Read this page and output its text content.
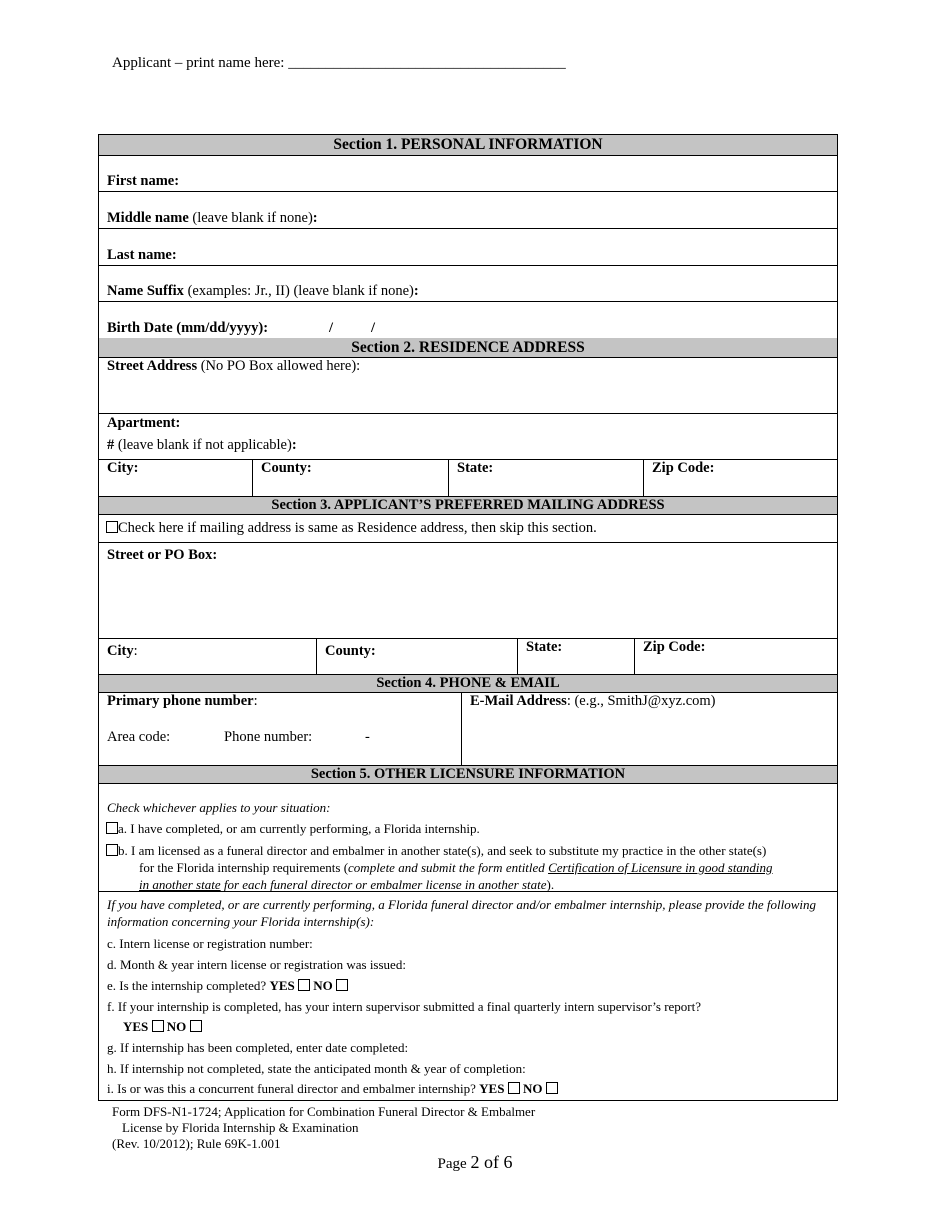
Applicant – print name here: _____________________________________
Section 1. PERSONAL INFORMATION
First name:
Middle name (leave blank if none):
Last name:
Name Suffix (examples: Jr., II) (leave blank if none):
Birth Date (mm/dd/yyyy):	/	/
Section 2. RESIDENCE ADDRESS
Street Address (No PO Box allowed here):
Apartment:
# (leave blank if not applicable):
City:	County:	State:	Zip Code:
Section 3. APPLICANT’S PREFERRED MAILING ADDRESS
Check here if mailing address is same as Residence address, then skip this section.
Street or PO Box:
City:	County:	State:	Zip Code:
Section 4. PHONE & EMAIL
Primary phone number:
Area code:	Phone number:	-
E-Mail Address: (e.g., SmithJ@xyz.com)
Section 5. OTHER LICENSURE INFORMATION
Check whichever applies to your situation:
a. I have completed, or am currently performing, a Florida internship.
b. I am licensed as a funeral director and embalmer in another state(s), and seek to substitute my practice in the other state(s)
for the Florida internship requirements (complete and submit the form entitled Certification of Licensure in good standing
in another state for each funeral director or embalmer license in another state).
If you have completed, or are currently performing, a Florida funeral director and/or embalmer internship, please provide the following information concerning your Florida internship(s):
c. Intern license or registration number:
d. Month & year intern license or registration was issued:
e. Is the internship completed? YES NO
f. If your internship is completed, has your intern supervisor submitted a final quarterly intern supervisor’s report?
YES NO
g. If internship has been completed, enter date completed:
h. If internship not completed, state the anticipated month & year of completion:
i. Is or was this a concurrent funeral director and embalmer internship? YES NO
Form DFS-N1-1724; Application for Combination Funeral Director & Embalmer
License by Florida Internship & Examination
(Rev. 10/2012); Rule 69K-1.001
Page 2 of 6
